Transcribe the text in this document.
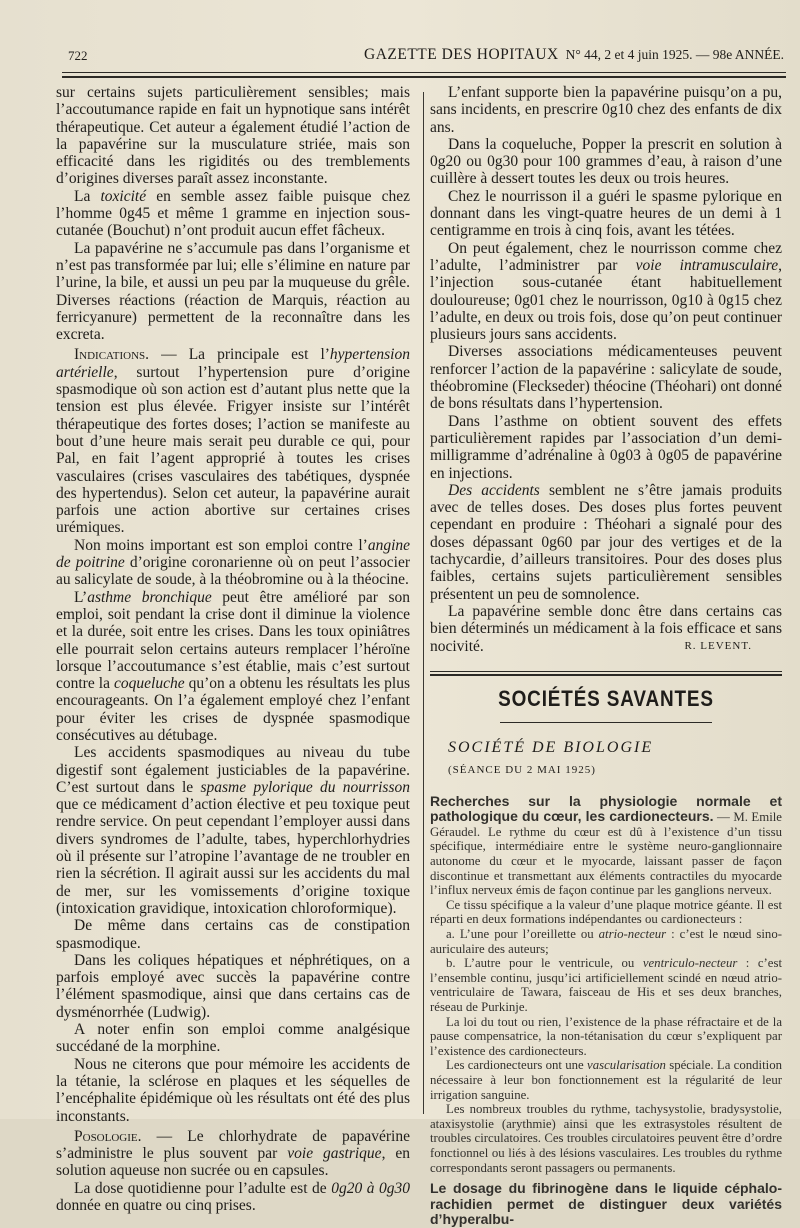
722	GAZETTE DES HOPITAUX N° 44, 2 et 4 juin 1925. — 98e ANNÉE.

sur certains sujets particulièrement sensibles; mais l’accoutumance rapide en fait un hypnotique sans intérêt thérapeutique. Cet auteur a également étudié l’action de la papavérine sur la musculature striée, mais son efficacité dans les rigidités ou des tremblements d’origines diverses paraît assez inconstante.

La toxicité en semble assez faible puisque chez l’homme 0g45 et même 1 gramme en injection sous-cutanée (Bouchut) n’ont produit aucun effet fâcheux.

La papavérine ne s’accumule pas dans l’organisme et n’est pas transformée par lui; elle s’élimine en nature par l’urine, la bile, et aussi un peu par la muqueuse du grêle. Diverses réactions (réaction de Marquis, réaction au ferricyanure) permettent de la reconnaître dans les excreta.

Indications. — La principale est l’hypertension artérielle, surtout l’hypertension pure d’origine spasmodique où son action est d’autant plus nette que la tension est plus élevée. Frigyer insiste sur l’intérêt thérapeutique des fortes doses; l’action se manifeste au bout d’une heure mais serait peu durable ce qui, pour Pal, en fait l’agent approprié à toutes les crises vasculaires (crises vasculaires des tabétiques, dyspnée des hypertendus). Selon cet auteur, la papavérine aurait parfois une action abortive sur certaines crises urémiques.

Non moins important est son emploi contre l’angine de poitrine d’origine coronarienne où on peut l’associer au salicylate de soude, à la théobromine ou à la théocine.

L’asthme bronchique peut être amélioré par son emploi, soit pendant la crise dont il diminue la violence et la durée, soit entre les crises. Dans les toux opiniâtres elle pourrait selon certains auteurs remplacer l’héroïne lorsque l’accoutumance s’est établie, mais c’est surtout contre la coqueluche qu’on a obtenu les résultats les plus encourageants. On l’a également employé chez l’enfant pour éviter les crises de dyspnée spasmodique consécutives au détubage.

Les accidents spasmodiques au niveau du tube digestif sont également justiciables de la papavérine. C’est surtout dans le spasme pylorique du nourrisson que ce médicament d’action élective et peu toxique peut rendre service. On peut cependant l’employer aussi dans divers syndromes de l’adulte, tabes, hyperchlorhydries où il présente sur l’atropine l’avantage de ne troubler en rien la sécrétion. Il agirait aussi sur les accidents du mal de mer, sur les vomissements d’origine toxique (intoxication gravidique, intoxication chloroformique).

De même dans certains cas de constipation spasmodique.

Dans les coliques hépatiques et néphrétiques, on a parfois employé avec succès la papavérine contre l’élément spasmodique, ainsi que dans certains cas de dysménorrhée (Ludwig).

A noter enfin son emploi comme analgésique succédané de la morphine.

Nous ne citerons que pour mémoire les accidents de la tétanie, la sclérose en plaques et les séquelles de l’encéphalite épidémique où les résultats ont été des plus inconstants.

Posologie. — Le chlorhydrate de papavérine s’administre le plus souvent par voie gastrique, en solution aqueuse non sucrée ou en capsules.

La dose quotidienne pour l’adulte est de 0g20 à 0g30 donnée en quatre ou cinq prises.

L’enfant supporte bien la papavérine puisqu’on a pu, sans incidents, en prescrire 0g10 chez des enfants de dix ans.

Dans la coqueluche, Popper la prescrit en solution à 0g20 ou 0g30 pour 100 grammes d’eau, à raison d’une cuillère à dessert toutes les deux ou trois heures.

Chez le nourrisson il a guéri le spasme pylorique en donnant dans les vingt-quatre heures de un demi à 1 centigramme en trois à cinq fois, avant les tétées.

On peut également, chez le nourrisson comme chez l’adulte, l’administrer par voie intramusculaire, l’injection sous-cutanée étant habituellement douloureuse; 0g01 chez le nourrisson, 0g10 à 0g15 chez l’adulte, en deux ou trois fois, dose qu’on peut continuer plusieurs jours sans accidents.

Diverses associations médicamenteuses peuvent renforcer l’action de la papavérine : salicylate de soude, théobromine (Fleckseder) théocine (Théohari) ont donné de bons résultats dans l’hypertension.

Dans l’asthme on obtient souvent des effets particulièrement rapides par l’association d’un demi-milligramme d’adrénaline à 0g03 à 0g05 de papavérine en injections.

Des accidents semblent ne s’être jamais produits avec de telles doses. Des doses plus fortes peuvent cependant en produire : Théohari a signalé pour des doses dépassant 0g60 par jour des vertiges et de la tachycardie, d’ailleurs transitoires. Pour des doses plus faibles, certains sujets particulièrement sensibles présentent un peu de somnolence.

La papavérine semble donc être dans certains cas bien déterminés un médicament à la fois efficace et sans nocivité.	R. LEVENT.
SOCIÉTÉS SAVANTES

SOCIÉTÉ DE BIOLOGIE

(SÉANCE DU 2 MAI 1925)

Recherches sur la physiologie normale et pathologique du cœur, les cardionecteurs. — M. Emile Géraudel. Le rythme du cœur est dû à l’existence d’un tissu spécifique, intermédiaire entre le système neuro-ganglionnaire autonome du cœur et le myocarde, laissant passer de façon discontinue et transmettant aux éléments contractiles du myocarde l’influx nerveux émis de façon continue par les ganglions nerveux.

Ce tissu spécifique a la valeur d’une plaque motrice géante. Il est réparti en deux formations indépendantes ou cardionecteurs :

a. L’une pour l’oreillette ou atrio-necteur : c’est le nœud sino-auriculaire des auteurs;

b. L’autre pour le ventricule, ou ventriculo-necteur : c’est l’ensemble continu, jusqu’ici artificiellement scindé en nœud atrio-ventriculaire de Tawara, faisceau de His et ses deux branches, réseau de Purkinje.

La loi du tout ou rien, l’existence de la phase réfractaire et de la pause compensatrice, la non-tétanisation du cœur s’expliquent par l’existence des cardionecteurs.

Les cardionecteurs ont une vascularisation spéciale. La condition nécessaire à leur bon fonctionnement est la régularité de leur irrigation sanguine.

Les nombreux troubles du rythme, tachysystolie, bradysystolie, ataxisystolie (arythmie) ainsi que les extrasystoles résultent de troubles circulatoires. Ces troubles circulatoires peuvent être d’ordre fonctionnel ou liés à des lésions vasculaires. Les troubles du rythme correspondants seront passagers ou permanents.

Le dosage du fibrinogène dans le liquide céphalo-rachidien permet de distinguer deux variétés d’hyperalbu-
